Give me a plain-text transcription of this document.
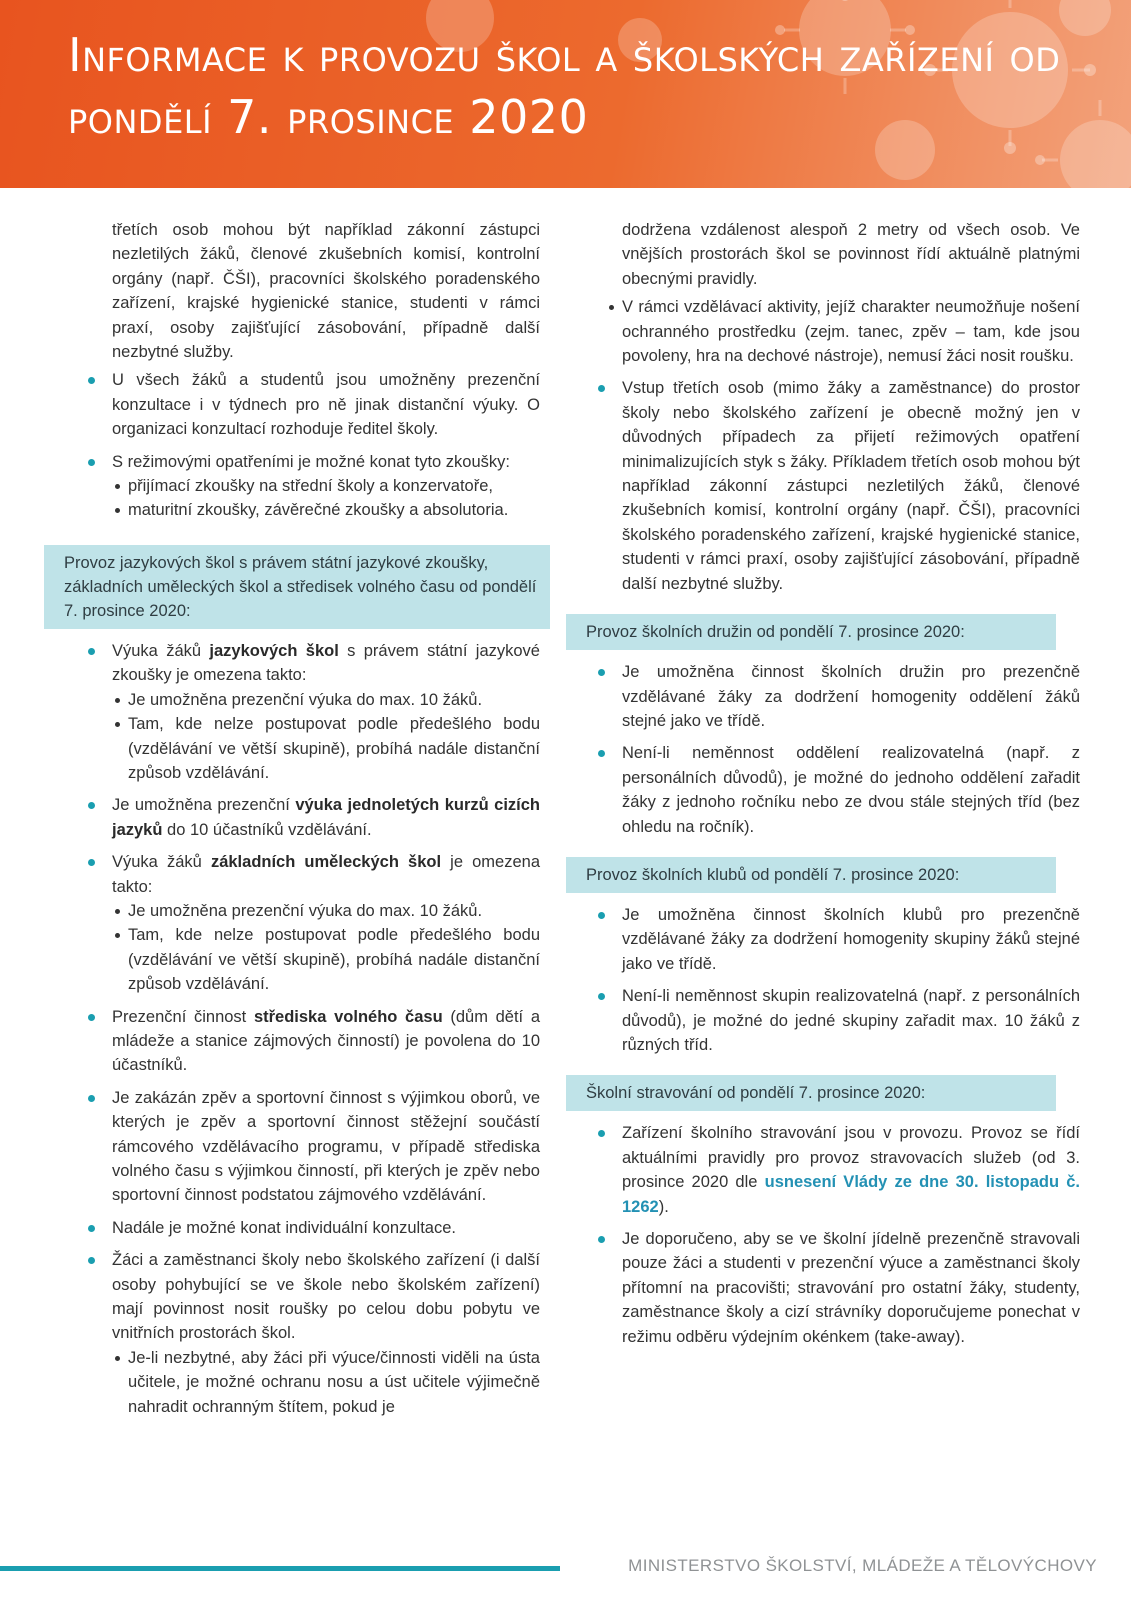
Informace k provozu škol a školských zařízení od pondělí 7. prosince 2020

třetích osob mohou být například zákonní zástupci nezletilých žáků, členové zkušebních komisí, kontrolní orgány (např. ČŠI), pracovníci školského poradenského zařízení, krajské hygienické stanice, studenti v rámci praxí, osoby zajišťující zásobování, případně další nezbytné služby.

U všech žáků a studentů jsou umožněny prezenční konzultace i v týdnech pro ně jinak distanční výuky. O organizaci konzultací rozhoduje ředitel školy.
S režimovými opatřeními je možné konat tyto zkoušky:
přijímací zkoušky na střední školy a konzervatoře,
maturitní zkoušky, závěrečné zkoušky a absolutoria.
Provoz jazykových škol s právem státní jazykové zkoušky, základních uměleckých škol a středisek volného času od pondělí 7. prosince 2020:
Výuka žáků jazykových škol s právem státní jazykové zkoušky je omezena takto:
Je umožněna prezenční výuka do max. 10 žáků.
Tam, kde nelze postupovat podle předešlého bodu (vzdělávání ve větší skupině), probíhá nadále distanční způsob vzdělávání.
Je umožněna prezenční výuka jednoletých kurzů cizích jazyků do 10 účastníků vzdělávání.
Výuka žáků základních uměleckých škol je omezena takto:
Je umožněna prezenční výuka do max. 10 žáků.
Tam, kde nelze postupovat podle předešlého bodu (vzdělávání ve větší skupině), probíhá nadále distanční způsob vzdělávání.
Prezenční činnost střediska volného času (dům dětí a mládeže a stanice zájmových činností) je povolena do 10 účastníků.
Je zakázán zpěv a sportovní činnost s výjimkou oborů, ve kterých je zpěv a sportovní činnost stěžejní součástí rámcového vzdělávacího programu, v případě střediska volného času s výjimkou činností, při kterých je zpěv nebo sportovní činnost podstatou zájmového vzdělávání.
Nadále je možné konat individuální konzultace.
Žáci a zaměstnanci školy nebo školského zařízení (i další osoby pohybující se ve škole nebo školském zařízení) mají povinnost nosit roušky po celou dobu pobytu ve vnitřních prostorách škol.
Je-li nezbytné, aby žáci při výuce/činnosti viděli na ústa učitele, je možné ochranu nosu a úst učitele výjimečně nahradit ochranným štítem, pokud je

dodržena vzdálenost alespoň 2 metry od všech osob. Ve vnějších prostorách škol se povinnost řídí aktuálně platnými obecnými pravidly.

V rámci vzdělávací aktivity, jejíž charakter neumožňuje nošení ochranného prostředku (zejm. tanec, zpěv – tam, kde jsou povoleny, hra na dechové nástroje), nemusí žáci nosit roušku.
Vstup třetích osob (mimo žáky a zaměstnance) do prostor školy nebo školského zařízení je obecně možný jen v důvodných případech za přijetí režimových opatření minimalizujících styk s žáky. Příkladem třetích osob mohou být například zákonní zástupci nezletilých žáků, členové zkušebních komisí, kontrolní orgány (např. ČŠI), pracovníci školského poradenského zařízení, krajské hygienické stanice, studenti v rámci praxí, osoby zajišťující zásobování, případně další nezbytné služby.
Provoz školních družin od pondělí 7. prosince 2020:
Je umožněna činnost školních družin pro prezenčně vzdělávané žáky za dodržení homogenity oddělení žáků stejné jako ve třídě.
Není-li neměnnost oddělení realizovatelná (např. z personálních důvodů), je možné do jednoho oddělení zařadit žáky z jednoho ročníku nebo ze dvou stále stejných tříd (bez ohledu na ročník).
Provoz školních klubů od pondělí 7. prosince 2020:
Je umožněna činnost školních klubů pro prezenčně vzdělávané žáky za dodržení homogenity skupiny žáků stejné jako ve třídě.
Není-li neměnnost skupin realizovatelná (např. z personálních důvodů), je možné do jedné skupiny zařadit max. 10 žáků z různých tříd.
Školní stravování od pondělí 7. prosince 2020:
Zařízení školního stravování jsou v provozu. Provoz se řídí aktuálními pravidly pro provoz stravovacích služeb (od 3. prosince 2020 dle usnesení Vlády ze dne 30. listopadu č. 1262).
Je doporučeno, aby se ve školní jídelně prezenčně stravovali pouze žáci a studenti v prezenční výuce a zaměstnanci školy přítomní na pracovišti; stravování pro ostatní žáky, studenty, zaměstnance školy a cizí strávníky doporučujeme ponechat v režimu odběru výdejním okénkem (take-away).
MINISTERSTVO ŠKOLSTVÍ, MLÁDEŽE A TĚLOVÝCHOVY
